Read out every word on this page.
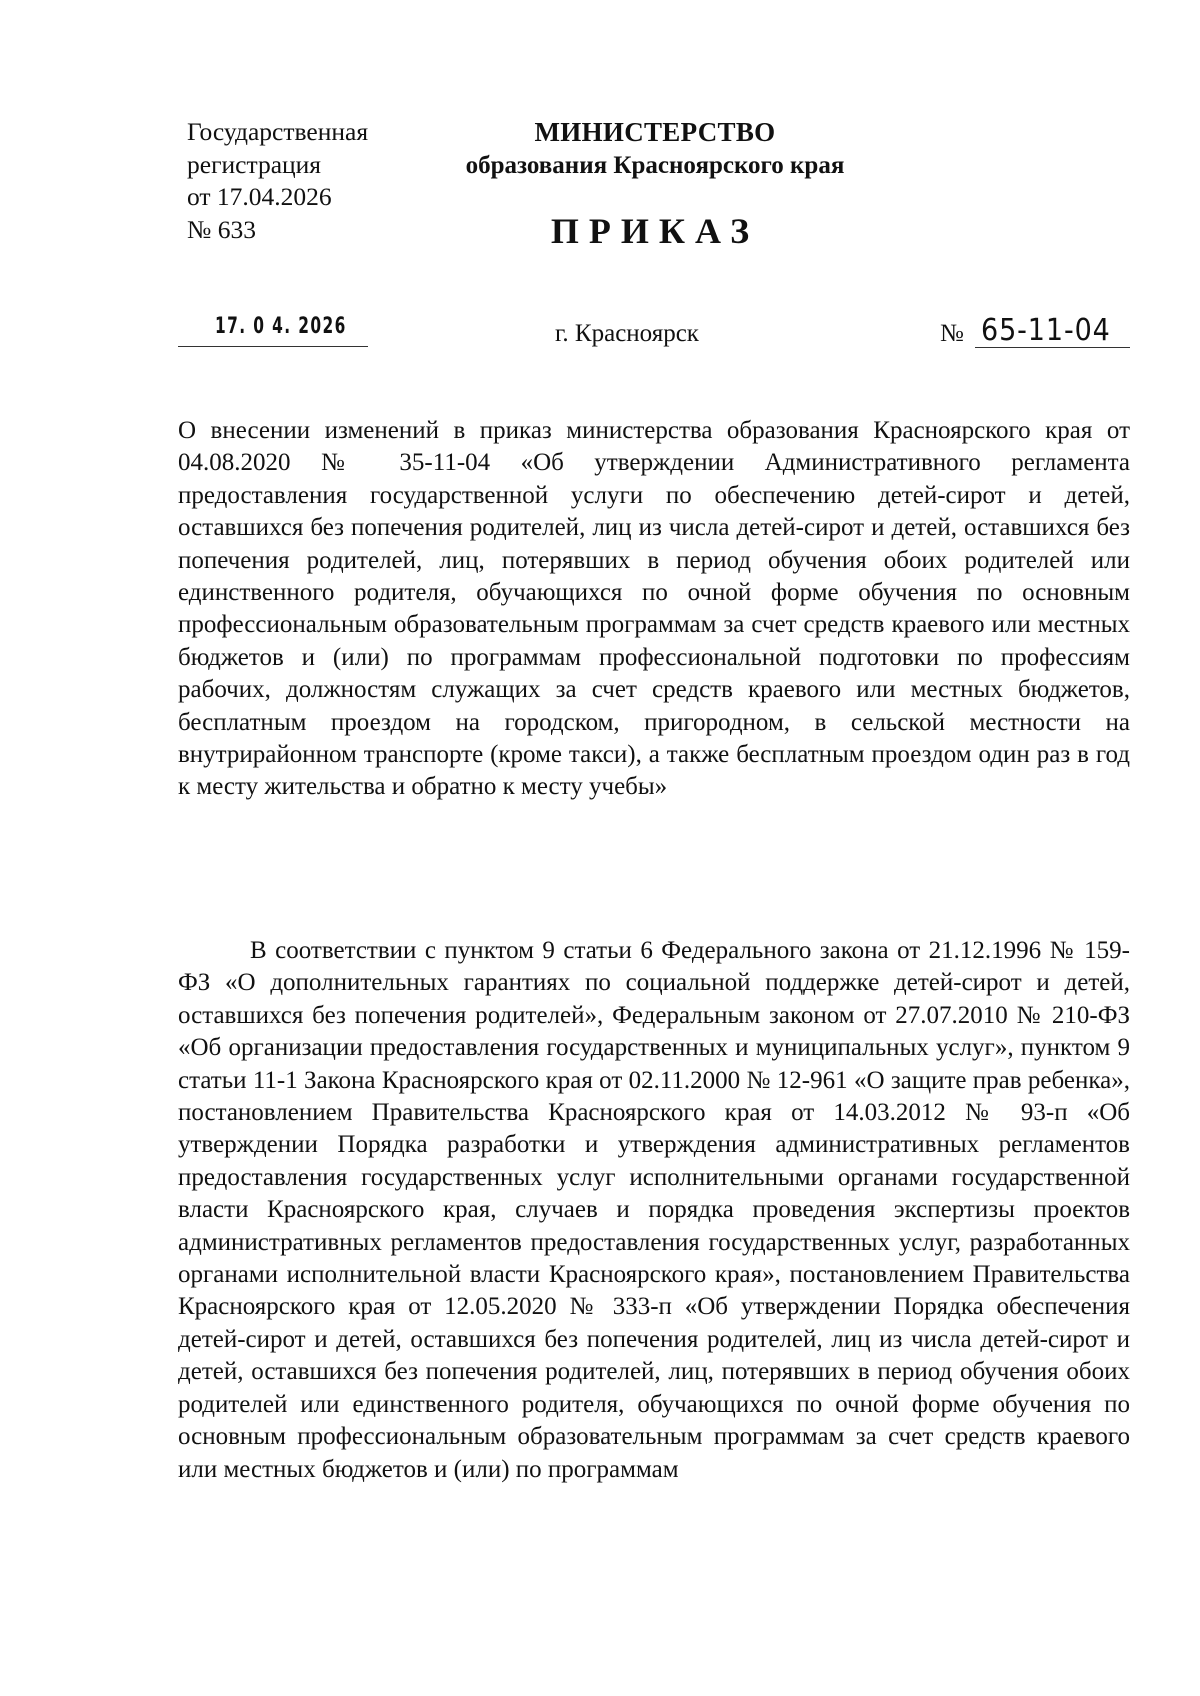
Государственная
регистрация
от 17.04.2026
№ 633
МИНИСТЕРСТВО
образования Красноярского края
ПРИКАЗ
17. 0 4. 2026	г. Красноярск	№ 65-11-04
О внесении изменений в приказ министерства образования Красноярского края от 04.08.2020 № 35-11-04 «Об утверждении Административного регламента предоставления государственной услуги по обеспечению детей-сирот и детей, оставшихся без попечения родителей, лиц из числа детей-сирот и детей, оставшихся без попечения родителей, лиц, потерявших в период обучения обоих родителей или единственного родителя, обучающихся по очной форме обучения по основным профессиональным образовательным программам за счет средств краевого или местных бюджетов и (или) по программам профессиональной подготовки по профессиям рабочих, должностям служащих за счет средств краевого или местных бюджетов, бесплатным проездом на городском, пригородном, в сельской местности на внутрирайонном транспорте (кроме такси), а также бесплатным проездом один раз в год к месту жительства и обратно к месту учебы»
В соответствии с пунктом 9 статьи 6 Федерального закона от 21.12.1996 № 159-ФЗ «О дополнительных гарантиях по социальной поддержке детей-сирот и детей, оставшихся без попечения родителей», Федеральным законом от 27.07.2010 № 210-ФЗ «Об организации предоставления государственных и муниципальных услуг», пунктом 9 статьи 11-1 Закона Красноярского края от 02.11.2000 № 12-961 «О защите прав ребенка», постановлением Правительства Красноярского края от 14.03.2012 № 93-п «Об утверждении Порядка разработки и утверждения административных регламентов предоставления государственных услуг исполнительными органами государственной власти Красноярского края, случаев и порядка проведения экспертизы проектов административных регламентов предоставления государственных услуг, разработанных органами исполнительной власти Красноярского края», постановлением Правительства Красноярского края от 12.05.2020 № 333-п «Об утверждении Порядка обеспечения детей-сирот и детей, оставшихся без попечения родителей, лиц из числа детей-сирот и детей, оставшихся без попечения родителей, лиц, потерявших в период обучения обоих родителей или единственного родителя, обучающихся по очной форме обучения по основным профессиональным образовательным программам за счет средств краевого или местных бюджетов и (или) по программам
